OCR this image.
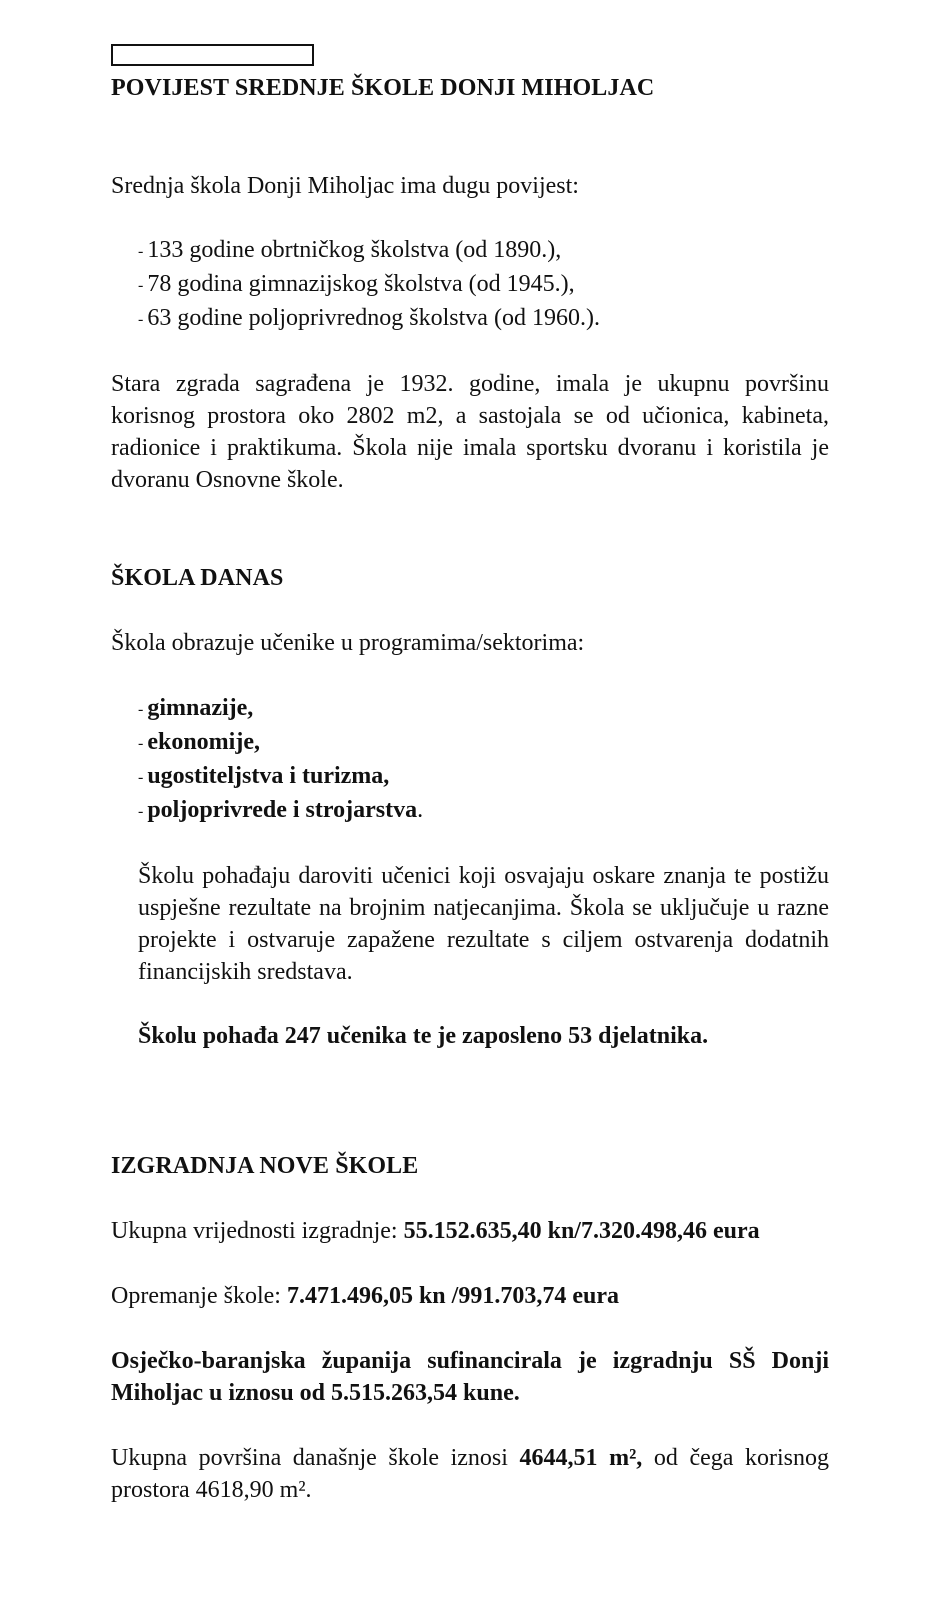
POVIJEST SREDNJE ŠKOLE DONJI MIHOLJAC

Srednja škola Donji Miholjac ima dugu povijest:

- 133 godine obrtničkog školstva (od 1890.),
- 78 godina gimnazijskog školstva (od 1945.),
- 63 godine poljoprivrednog školstva (od 1960.).

Stara zgrada sagrađena je 1932. godine, imala je ukupnu površinu korisnog prostora oko 2802 m2, a sastojala se od učionica, kabineta, radionice i praktikuma. Škola nije imala sportsku dvoranu i koristila je dvoranu Osnovne škole.

ŠKOLA DANAS

Škola obrazuje učenike u programima/sektorima:

- gimnazije,
- ekonomije,
- ugostiteljstva i turizma,
- poljoprivrede i strojarstva.

Školu pohađaju daroviti učenici koji osvajaju oskare znanja te postižu uspješne rezultate na brojnim natjecanjima. Škola se uključuje u razne projekte i ostvaruje zapažene rezultate s ciljem ostvarenja dodatnih financijskih sredstava.

Školu pohađa 247 učenika te je zaposleno 53 djelatnika.

IZGRADNJA NOVE ŠKOLE

Ukupna vrijednosti izgradnje: 55.152.635,40 kn/7.320.498,46 eura

Opremanje škole: 7.471.496,05 kn /991.703,74 eura

Osječko-baranjska županija sufinancirala je izgradnju SŠ Donji Miholjac u iznosu od 5.515.263,54 kune.

Ukupna površina današnje škole iznosi 4644,51 m², od čega korisnog prostora 4618,90 m².
